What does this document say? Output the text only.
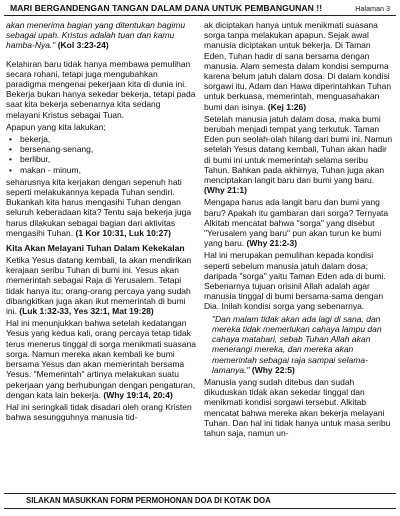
MARI BERGANDENGAN TANGAN DALAM DANA UNTUK PEMBANGUNAN !!	Halaman 3

akan menerima bagian yang ditentukan bagimu sebagai upah. Kristus adalah tuan dan kamu hamba-Nya." (Kol 3:23-24)

Kelahiran baru tidak hanya membawa pemulihan secara rohani, tetapi juga mengubahkan paradigma mengenai pekerjaan kita di dunia ini. Bekerja bukan hanya sekedar bekerja, tetapi pada saat kita bekerja sebenarnya kita sedang melayani Kristus sebagai Tuan.

Apapun yang kita lakukan;

• bekerja,
• bersenang-senang,
• berlibur,
• makan - minum,

seharusnya kita kerjakan dengan sepenuh hati seperti melakukannya kepada Tuhan sendiri. Bukankah kita harus mengasihi Tuhan dengan seluruh keberadaan kita? Tentu saja bekerja juga harus dilakukan sebagai bagian dari aktivitas mengasihi Tuhan. (1 Kor 10:31, Luk 10:27)

Kita Akan Melayani Tuhan Dalam Kekekalan

Ketika Yesus datang kembali, Ia akan mendirikan kerajaan seribu Tuhan di bumi ini. Yesus akan memerintah sebagai Raja di Yerusalem. Tetapi tidak hanya itu; orang-orang percaya yang sudah dibangkitkan juga akan ikut memerintah di bumi ini. (Luk 1:32-33, Yes 32:1, Mat 19:28)

Hal ini menunjukkan bahwa setelah kedatangan Yesus yang kedua kali, orang percaya tetap tidak terus menerus tinggal di sorga menikmati suasana sorga. Namun mereka akan kembali ke bumi bersama Yesus dan akan memerintah bersama Yesus. "Memerintah" artinya melakukan suatu pekerjaan yang berhubungan dengan pengaturan, dengan kata lain bekerja. (Why 19:14, 20:4)

Hal ini seringkali tidak disadari oleh orang Kristen bahwa sesungguhnya manusia tid-

ak diciptakan hanya untuk menikmati suasana sorga tanpa melakukan apapun. Sejak awal manusia diciptakan untuk bekerja. Di Taman Eden, Tuhan hadir di sana bersama dengan manusia. Alam semesta dalam kondisi sempurna karena belum jatuh dalam dosa. Di dalam kondisi sorgawi itu, Adam dan Hawa diperintahkan Tuhan untuk berkuasa, memerintah, menguasahakan bumi dan isinya. (Kej 1:26)

Setelah manusia jatuh dalam dosa, maka bumi berubah menjadi tempat yang terkutuk. Taman Eden pun seolah-olah hilang dari bumi ini. Namun setelah Yesus datang kembali, Tuhan akan hadir di bumi ini untuk memerintah selama seribu Tahun. Bahkan pada akhirnya, Tuhan juga akan menciptakan langit baru dan bumi yang baru. (Why 21:1)

Mengapa harus ada langit baru dan bumi yang baru? Apakah itu gambaran dari sorga? Ternyata Alkitab mencatat bahwa "sorga" yang disebut "Yerusalem yang baru" pun akan turun ke bumi yang baru. (Why 21:2-3)

Hal ini merupakan pemulihan kepada kondisi seperti sebelum manusia jatuh dalam dosa; daripada "sorga" yaitu Taman Eden ada di bumi. Sebenarnya tujuan orisinil Allah adalah agar manusia tinggal di bumi bersama-sama dengan Dia. Inilah kondisi sorga yang sebenarnya.

"Dan malam tidak akan ada lagi di sana, dan mereka tidak memerlukan cahaya lampu dan cahaya matahari, sebab Tuhan Allah akan menerangi mereka, dan mereka akan memerintah sebagai raja sampai selama-lamanya." (Why 22:5)

Manusia yang sudah ditebus dan sudah dikuduskan tidak akan sekedar tinggal dan menikmati kondisi sorgawi tersebut. Alkitab mencatat bahwa mereka akan bekerja melayani Tuhan. Dan hal ini tidak hanya untuk masa seribu tahun saja, namun un-

SILAKAN MASUKKAN FORM PERMOHONAN DOA DI KOTAK DOA
